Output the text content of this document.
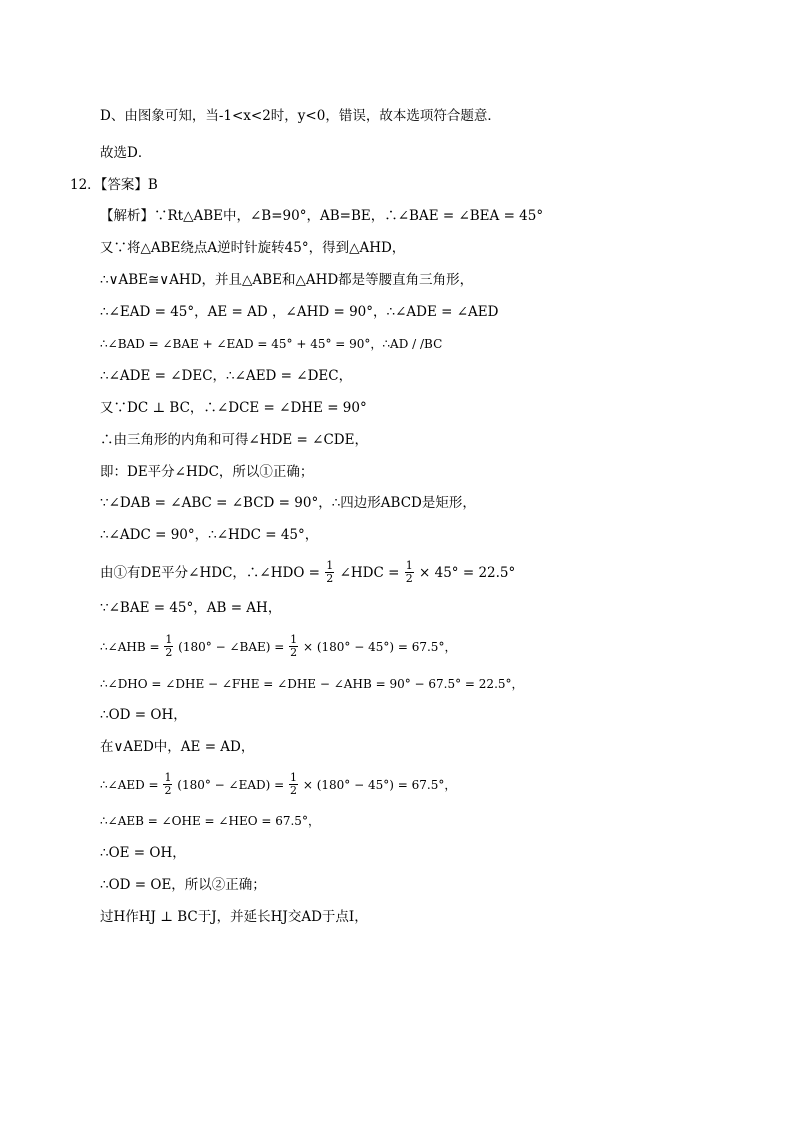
D、由图象可知，当-1<x<2时，y<0，错误，故本选项符合题意．
故选D．
12．【答案】B
【解析】∵Rt△ABE中，∠B=90°，AB=BE，∴∠BAE = ∠BEA = 45°
又∵将△ABE绕点A逆时针旋转45°，得到△AHD，
∴∨ABE≅∨AHD，并且△ABE和△AHD都是等腰直角三角形，
∴∠EAD = 45°，AE = AD ，∠AHD = 90°，∴∠ADE = ∠AED
∴∠BAD = ∠BAE + ∠EAD = 45° + 45° = 90°，∴AD / /BC
∴∠ADE = ∠DEC，∴∠AED = ∠DEC，
又∵DC ⊥ BC，∴∠DCE = ∠DHE = 90°
∴由三角形的内角和可得∠HDE = ∠CDE，
即：DE平分∠HDC，所以①正确；
∵∠DAB = ∠ABC = ∠BCD = 90°，∴四边形ABCD是矩形，
∴∠ADC = 90°，∴∠HDC = 45°，
由①有DE平分∠HDC，∴∠HDO = $\frac{1}{2}$ ∠HDC = $\frac{1}{2} \times 45^\circ = 22.5^\circ$
∵∠BAE = 45°，AB = AH，
∴∠AHB = $\frac{1}{2} (180^\circ$ − ∠BAE) = $\frac{1}{2} \times (180^\circ - 45^\circ) = 67.5^\circ$，
∴∠DHO = ∠DHE − ∠FHE = ∠DHE − ∠AHB = 90° − 67.5° = 22.5°，
∴OD = OH，
在∨AED中，AE = AD，
∴∠AED = $\frac{1}{2} (180^\circ$ − ∠EAD) = $\frac{1}{2} \times (180^\circ - 45^\circ) = 67.5^\circ$，
∴∠AEB = ∠OHE = ∠HEO = 67.5°，
∴OE = OH，
∴OD = OE，所以②正确；
过H作HJ ⊥ BC于J，并延长HJ交AD于点I，
